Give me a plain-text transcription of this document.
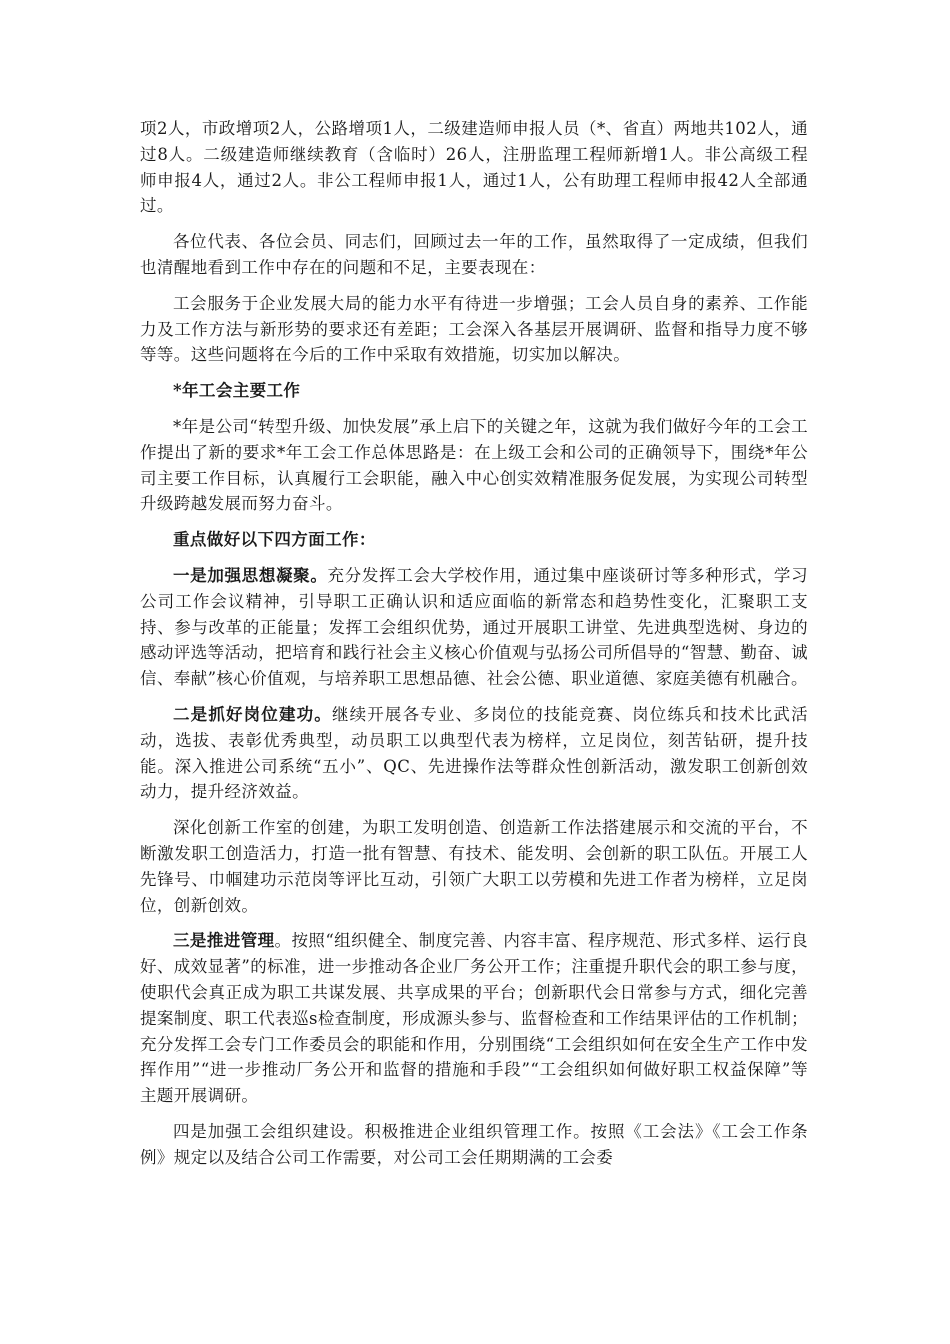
项2人，市政增项2人，公路增项1人，二级建造师申报人员（*、省直）两地共102人，通过8人。二级建造师继续教育（含临时）26人，注册监理工程师新增1人。非公高级工程师申报4人，通过2人。非公工程师申报1人，通过1人，公有助理工程师申报42人全部通过。

各位代表、各位会员、同志们，回顾过去一年的工作，虽然取得了一定成绩，但我们也清醒地看到工作中存在的问题和不足，主要表现在：

工会服务于企业发展大局的能力水平有待进一步增强；工会人员自身的素养、工作能力及工作方法与新形势的要求还有差距；工会深入各基层开展调研、监督和指导力度不够等等。这些问题将在今后的工作中采取有效措施，切实加以解决。

*年工会主要工作

*年是公司“转型升级、加快发展”承上启下的关键之年，这就为我们做好今年的工会工作提出了新的要求*年工会工作总体思路是：在上级工会和公司的正确领导下，围绕*年公司主要工作目标，认真履行工会职能，融入中心创实效精准服务促发展，为实现公司转型升级跨越发展而努力奋斗。

重点做好以下四方面工作：

一是加强思想凝聚。充分发挥工会大学校作用，通过集中座谈研讨等多种形式，学习公司工作会议精神，引导职工正确认识和适应面临的新常态和趋势性变化，汇聚职工支持、参与改革的正能量；发挥工会组织优势，通过开展职工讲堂、先进典型选树、身边的感动评选等活动，把培育和践行社会主义核心价值观与弘扬公司所倡导的“智慧、勤奋、诚信、奉献”核心价值观，与培养职工思想品德、社会公德、职业道德、家庭美德有机融合。

二是抓好岗位建功。继续开展各专业、多岗位的技能竞赛、岗位练兵和技术比武活动，选拔、表彰优秀典型，动员职工以典型代表为榜样，立足岗位，刻苦钻研，提升技能。深入推进公司系统“五小”、QC、先进操作法等群众性创新活动，激发职工创新创效动力，提升经济效益。

深化创新工作室的创建，为职工发明创造、创造新工作法搭建展示和交流的平台，不断激发职工创造活力，打造一批有智慧、有技术、能发明、会创新的职工队伍。开展工人先锋号、巾帼建功示范岗等评比互动，引领广大职工以劳模和先进工作者为榜样，立足岗位，创新创效。

三是推进管理。按照“组织健全、制度完善、内容丰富、程序规范、形式多样、运行良好、成效显著”的标准，进一步推动各企业厂务公开工作；注重提升职代会的职工参与度，使职代会真正成为职工共谋发展、共享成果的平台；创新职代会日常参与方式，细化完善提案制度、职工代表巡s检查制度，形成源头参与、监督检查和工作结果评估的工作机制；充分发挥工会专门工作委员会的职能和作用，分别围绕“工会组织如何在安全生产工作中发挥作用”“进一步推动厂务公开和监督的措施和手段”“工会组织如何做好职工权益保障”等主题开展调研。

四是加强工会组织建设。积极推进企业组织管理工作。按照《工会法》《工会工作条例》规定以及结合公司工作需要，对公司工会任期期满的工会委
